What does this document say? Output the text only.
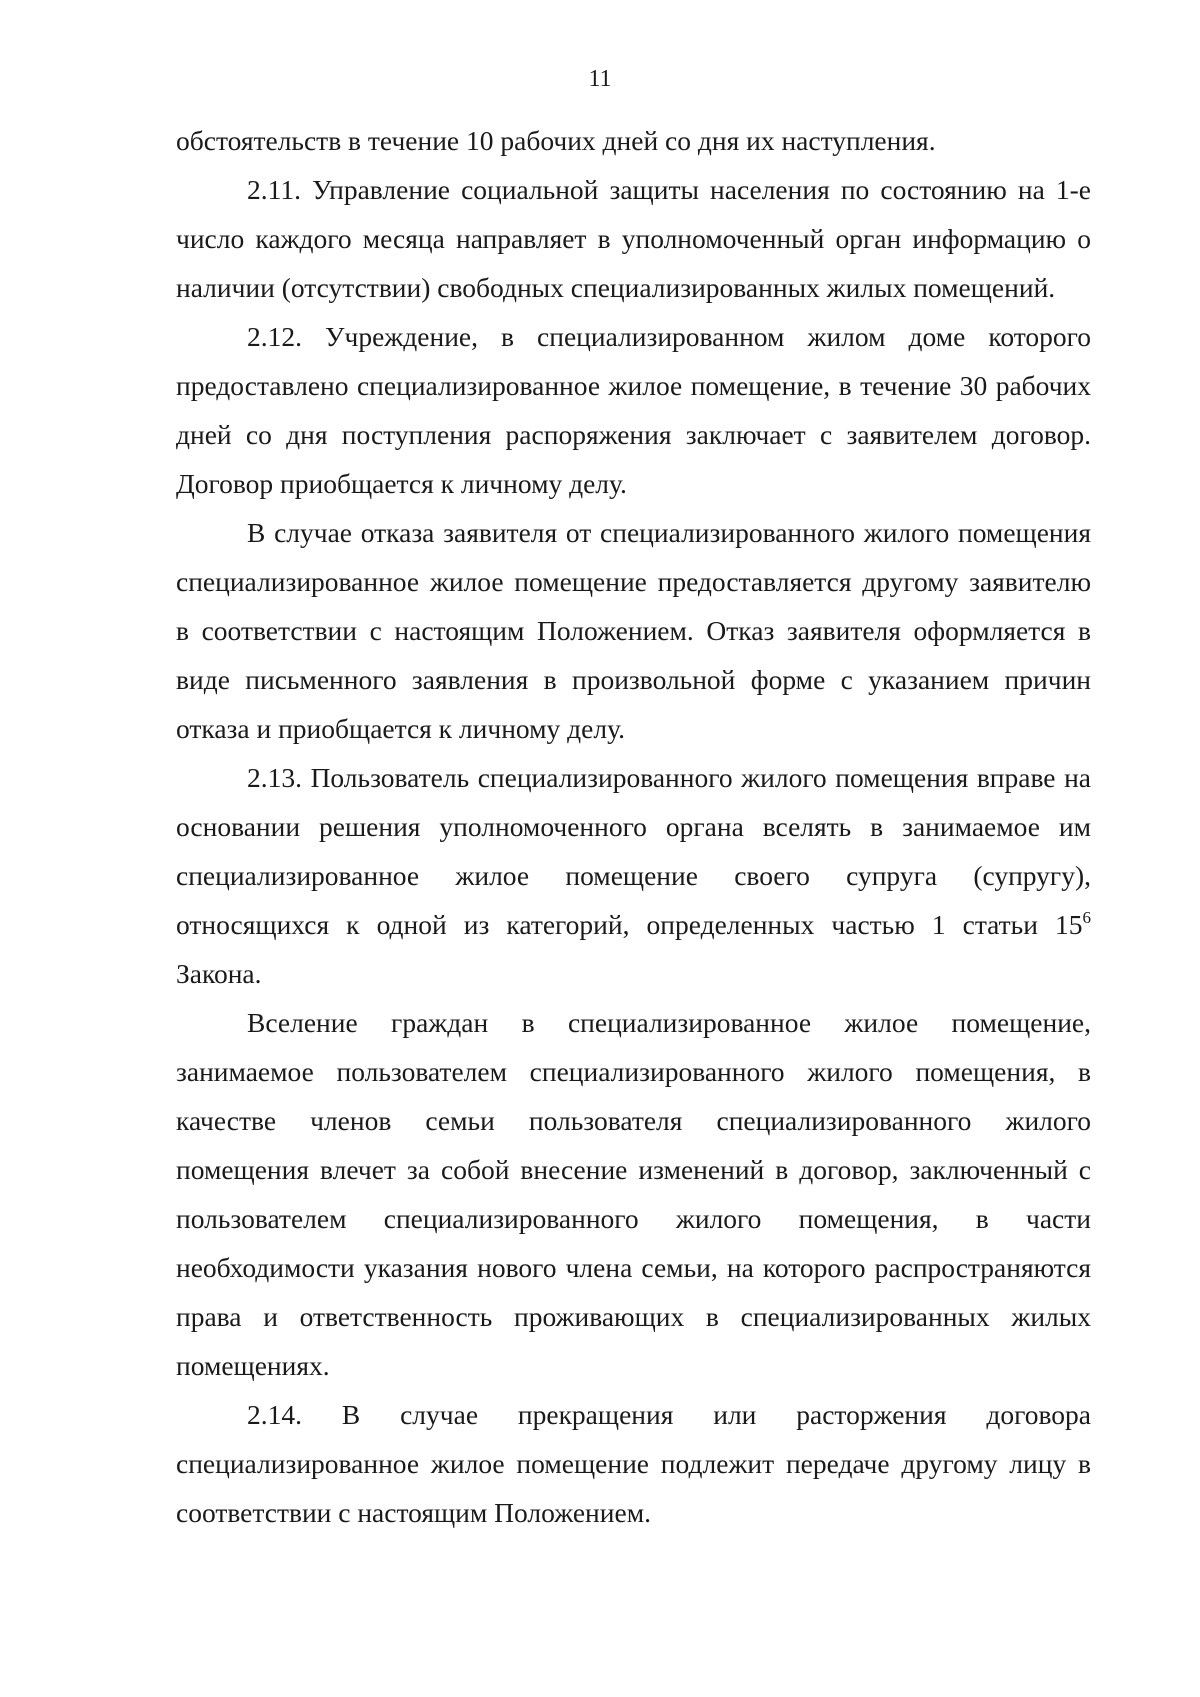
11

обстоятельств в течение 10 рабочих дней со дня их наступления.

2.11. Управление социальной защиты населения по состоянию на 1-е число каждого месяца направляет в уполномоченный орган информацию о наличии (отсутствии) свободных специализированных жилых помещений.

2.12. Учреждение, в специализированном жилом доме которого предоставлено специализированное жилое помещение, в течение 30 рабочих дней со дня поступления распоряжения заключает с заявителем договор. Договор приобщается к личному делу.

В случае отказа заявителя от специализированного жилого помещения специализированное жилое помещение предоставляется другому заявителю в соответствии с настоящим Положением. Отказ заявителя оформляется в виде письменного заявления в произвольной форме с указанием причин отказа и приобщается к личному делу.

2.13. Пользователь специализированного жилого помещения вправе на основании решения уполномоченного органа вселять в занимаемое им специализированное жилое помещение своего супруга (супругу), относящихся к одной из категорий, определенных частью 1 статьи $15^6$ Закона.

Вселение граждан в специализированное жилое помещение, занимаемое пользователем специализированного жилого помещения, в качестве членов семьи пользователя специализированного жилого помещения влечет за собой внесение изменений в договор, заключенный с пользователем специализированного жилого помещения, в части необходимости указания нового члена семьи, на которого распространяются права и ответственность проживающих в специализированных жилых помещениях.

2.14. В случае прекращения или расторжения договора специализированное жилое помещение подлежит передаче другому лицу в соответствии с настоящим Положением.
